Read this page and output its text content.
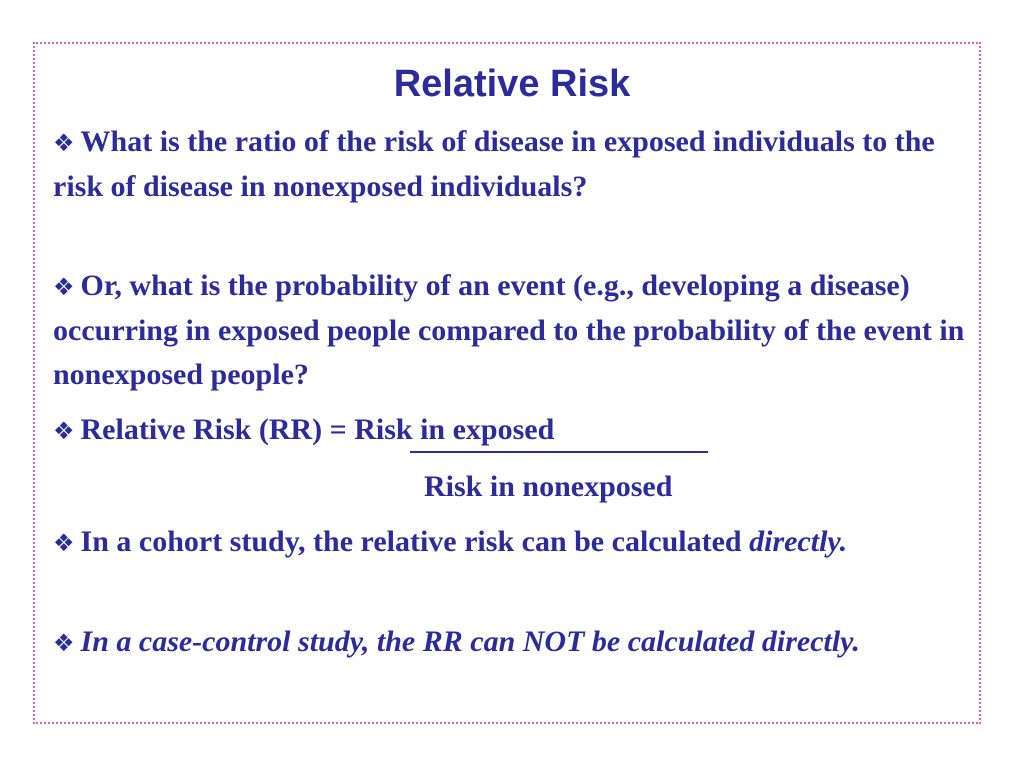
Relative Risk
❖ What is the ratio of the risk of disease in exposed individuals to the risk of disease in nonexposed individuals?
❖ Or, what is the probability of an event (e.g., developing a disease) occurring in exposed people compared to the probability of the event in nonexposed people?
❖ Relative Risk (RR) = Risk in exposed
Risk in nonexposed
❖ In a cohort study, the relative risk can be calculated directly.
❖ In a case-control study, the RR can NOT be calculated directly.
